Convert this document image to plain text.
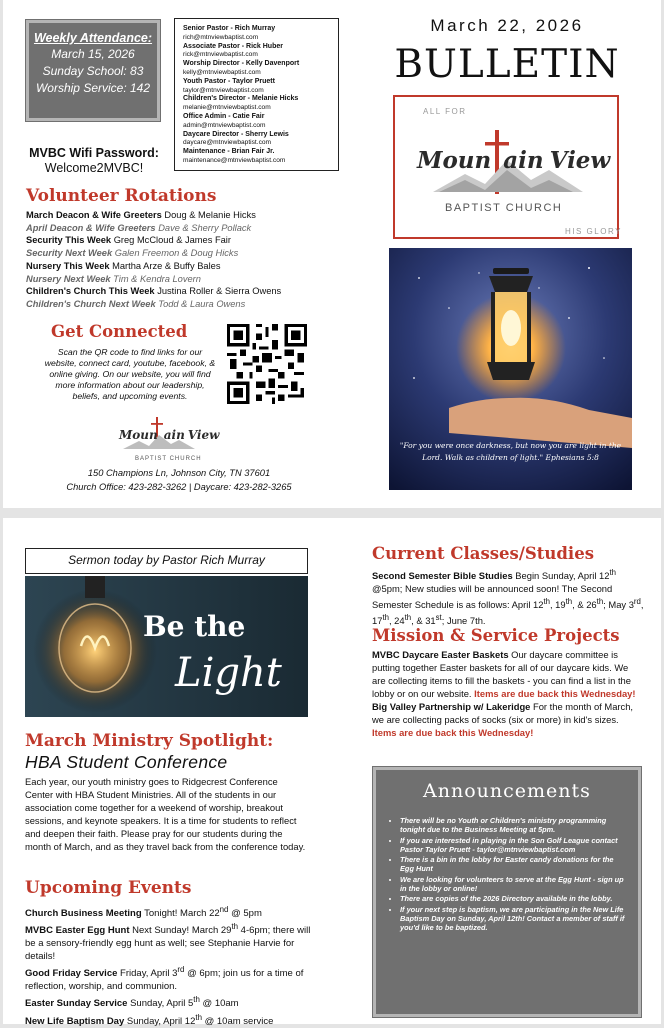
Weekly Attendance:
March 15, 2026
Sunday School: 83
Worship Service: 142
MVBC Wifi Password:
Welcome2MVBC!
Senior Pastor - Rich Murray
rich@mtnviewbaptist.com
Associate Pastor - Rick Huber
rick@mtnviewbaptist.com
Worship Director - Kelly Davenport
kelly@mtnviewbaptist.com
Youth Pastor - Taylor Pruett
taylor@mtnviewbaptist.com
Children's Director - Melanie Hicks
melanie@mtnviewbaptist.com
Office Admin - Catie Fair
admin@mtnviewbaptist.com
Daycare Director - Sherry Lewis
daycare@mtnviewbaptist.com
Maintenance - Brian Fair Jr.
maintenance@mtnviewbaptist.com
March 22, 2026
BULLETIN
ALL FOR
Moun ain View
BAPTIST CHURCH
HIS GLORY
"For you were once darkness, but now you are light in the Lord. Walk as children of light." Ephesians 5:8
Volunteer Rotations
March Deacon & Wife Greeters Doug & Melanie Hicks
April Deacon & Wife Greeters Dave & Sherry Pollack
Security This Week Greg McCloud & James Fair
Security Next Week Galen Freemon & Doug Hicks
Nursery This Week Martha Arze & Buffy Bales
Nursery Next Week Tim & Kendra Lovern
Children's Church This Week Justina Roller & Sierra Owens
Children's Church Next Week Todd & Laura Owens
Get Connected
Scan the QR code to find links for our website, connect card, youtube, facebook, & online giving. On our website, you will find more information about our leadership, beliefs, and upcoming events.
Moun ain View
BAPTIST CHURCH
150 Champions Ln, Johnson City, TN 37601
Church Office: 423-282-3262 | Daycare: 423-282-3265
Sermon today by Pastor Rich Murray
Be the
Light
March Ministry Spotlight:
HBA Student Conference
Each year, our youth ministry goes to Ridgecrest Conference Center with HBA Student Ministries. All of the students in our association come together for a weekend of worship, breakout sessions, and keynote speakers. It is a time for students to reflect and deepen their faith. Please pray for our students during the month of March, and as they travel back from the conference today.
Upcoming Events
Church Business Meeting Tonight! March 22nd @ 5pm
MVBC Easter Egg Hunt Next Sunday! March 29th 4-6pm; there will be a sensory-friendly egg hunt as well; see Stephanie Harvie for details!
Good Friday Service Friday, April 3rd @ 6pm; join us for a time of reflection, worship, and communion.
Easter Sunday Service Sunday, April 5th @ 10am
New Life Baptism Day Sunday, April 12th @ 10am service
Current Classes/Studies
Second Semester Bible Studies Begin Sunday, April 12th @5pm; New studies will be announced soon! The Second Semester Schedule is as follows: April 12th, 19th, & 26th; May 3rd, 17th, 24th, & 31st; June 7th.
Mission & Service Projects
MVBC Daycare Easter Baskets Our daycare committee is putting together Easter baskets for all of our daycare kids. We are collecting items to fill the baskets - you can find a list in the lobby or on our website. Items are due back this Wednesday!
Big Valley Partnership w/ Lakeridge For the month of March, we are collecting packs of socks (six or more) in kid's sizes. Items are due back this Wednesday!
Announcements
• There will be no Youth or Children's ministry programming tonight due to the Business Meeting at 5pm.
• If you are interested in playing in the Son Golf League contact Pastor Taylor Pruett - taylor@mtnviewbaptist.com
• There is a bin in the lobby for Easter candy donations for the Egg Hunt
• We are looking for volunteers to serve at the Egg Hunt - sign up in the lobby or online!
• There are copies of the 2026 Directory available in the lobby.
• If your next step is baptism, we are participating in the New Life Baptism Day on Sunday, April 12th! Contact a member of staff if you'd like to be baptized.
